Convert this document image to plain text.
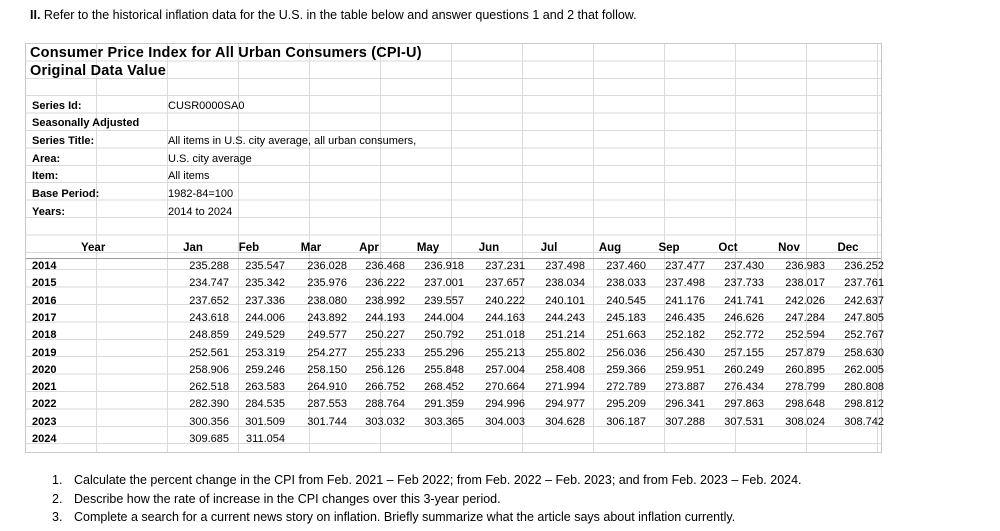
II. Refer to the historical inflation data for the U.S. in the table below and answer questions 1 and 2 that follow.
Consumer Price Index for All Urban Consumers (CPI-U)
Original Data Value
Series Id:	CUSR0000SA0
Seasonally Adjusted
Series Title:	All items in U.S. city average, all urban consumers,
Area:	U.S. city average
Item:	All items
Base Period:	1982-84=100
Years:	2014 to 2024
Year	Jan	Feb	Mar	Apr	May	Jun	Jul	Aug	Sep	Oct	Nov	Dec
2014	235.288	235.547	236.028	236.468	236.918	237.231	237.498	237.460	237.477	237.430	236.983	236.252
2015	234.747	235.342	235.976	236.222	237.001	237.657	238.034	238.033	237.498	237.733	238.017	237.761
2016	237.652	237.336	238.080	238.992	239.557	240.222	240.101	240.545	241.176	241.741	242.026	242.637
2017	243.618	244.006	243.892	244.193	244.004	244.163	244.243	245.183	246.435	246.626	247.284	247.805
2018	248.859	249.529	249.577	250.227	250.792	251.018	251.214	251.663	252.182	252.772	252.594	252.767
2019	252.561	253.319	254.277	255.233	255.296	255.213	255.802	256.036	256.430	257.155	257.879	258.630
2020	258.906	259.246	258.150	256.126	255.848	257.004	258.408	259.366	259.951	260.249	260.895	262.005
2021	262.518	263.583	264.910	266.752	268.452	270.664	271.994	272.789	273.887	276.434	278.799	280.808
2022	282.390	284.535	287.553	288.764	291.359	294.996	294.977	295.209	296.341	297.863	298.648	298.812
2023	300.356	301.509	301.744	303.032	303.365	304.003	304.628	306.187	307.288	307.531	308.024	308.742
2024	309.685	311.054
1. Calculate the percent change in the CPI from Feb. 2021 – Feb 2022; from Feb. 2022 – Feb. 2023; and from Feb. 2023 – Feb. 2024.
2. Describe how the rate of increase in the CPI changes over this 3-year period.
3. Complete a search for a current news story on inflation. Briefly summarize what the article says about inflation currently.
